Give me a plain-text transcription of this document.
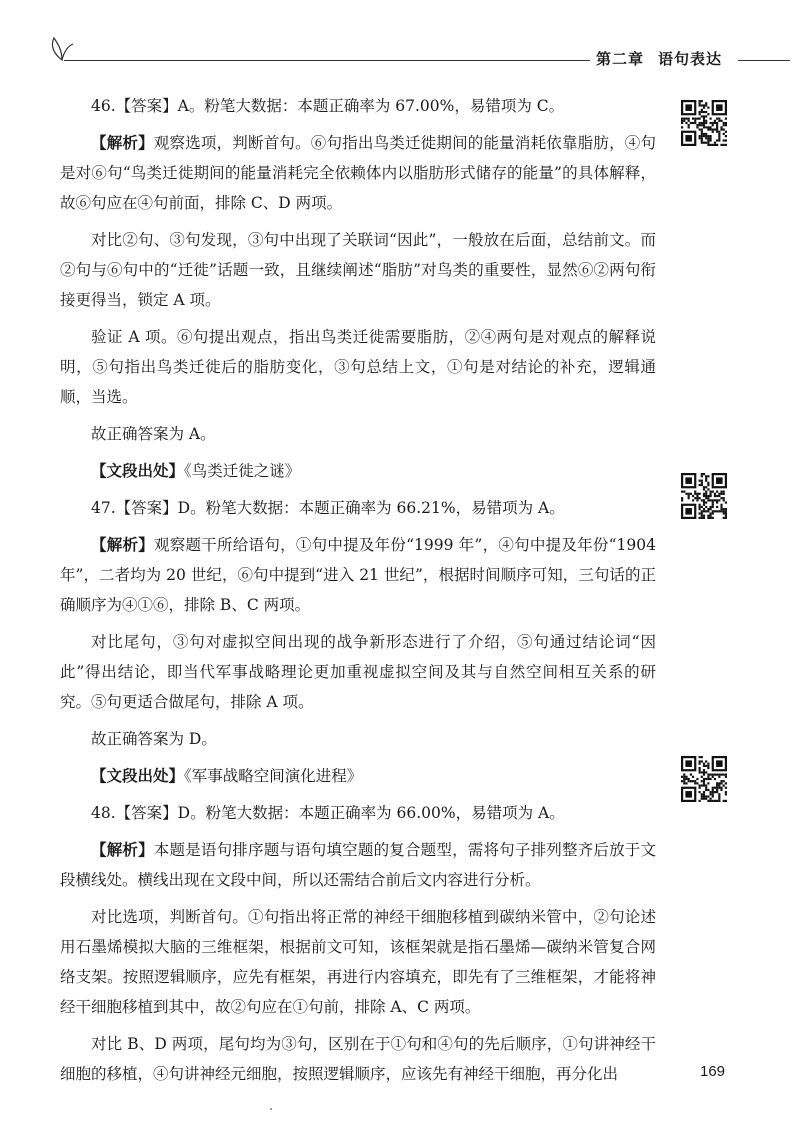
第二章 语句表达

46.【答案】A。粉笔大数据：本题正确率为 67.00%，易错项为 C。

【解析】观察选项，判断首句。⑥句指出鸟类迁徙期间的能量消耗依靠脂肪，④句是对⑥句“鸟类迁徙期间的能量消耗完全依赖体内以脂肪形式储存的能量”的具体解释，故⑥句应在④句前面，排除 C、D 两项。

对比②句、③句发现，③句中出现了关联词“因此”，一般放在后面，总结前文。而②句与⑥句中的“迁徙”话题一致，且继续阐述“脂肪”对鸟类的重要性，显然⑥②两句衔接更得当，锁定 A 项。

验证 A 项。⑥句提出观点，指出鸟类迁徙需要脂肪，②④两句是对观点的解释说明，⑤句指出鸟类迁徙后的脂肪变化，③句总结上文，①句是对结论的补充，逻辑通顺，当选。

故正确答案为 A。

【文段出处】《鸟类迁徙之谜》

47.【答案】D。粉笔大数据：本题正确率为 66.21%，易错项为 A。

【解析】观察题干所给语句，①句中提及年份“1999 年”，④句中提及年份“1904 年”，二者均为 20 世纪，⑥句中提到“进入 21 世纪”，根据时间顺序可知，三句话的正确顺序为④①⑥，排除 B、C 两项。

对比尾句，③句对虚拟空间出现的战争新形态进行了介绍，⑤句通过结论词“因此”得出结论，即当代军事战略理论更加重视虚拟空间及其与自然空间相互关系的研究。⑤句更适合做尾句，排除 A 项。

故正确答案为 D。

【文段出处】《军事战略空间演化进程》

48.【答案】D。粉笔大数据：本题正确率为 66.00%，易错项为 A。

【解析】本题是语句排序题与语句填空题的复合题型，需将句子排列整齐后放于文段横线处。横线出现在文段中间，所以还需结合前后文内容进行分析。

对比选项，判断首句。①句指出将正常的神经干细胞移植到碳纳米管中，②句论述用石墨烯模拟大脑的三维框架，根据前文可知，该框架就是指石墨烯—碳纳米管复合网络支架。按照逻辑顺序，应先有框架，再进行内容填充，即先有了三维框架，才能将神经干细胞移植到其中，故②句应在①句前，排除 A、C 两项。

对比 B、D 两项，尾句均为③句，区别在于①句和④句的先后顺序，①句讲神经干细胞的移植，④句讲神经元细胞，按照逻辑顺序，应该先有神经干细胞，再分化出	169
